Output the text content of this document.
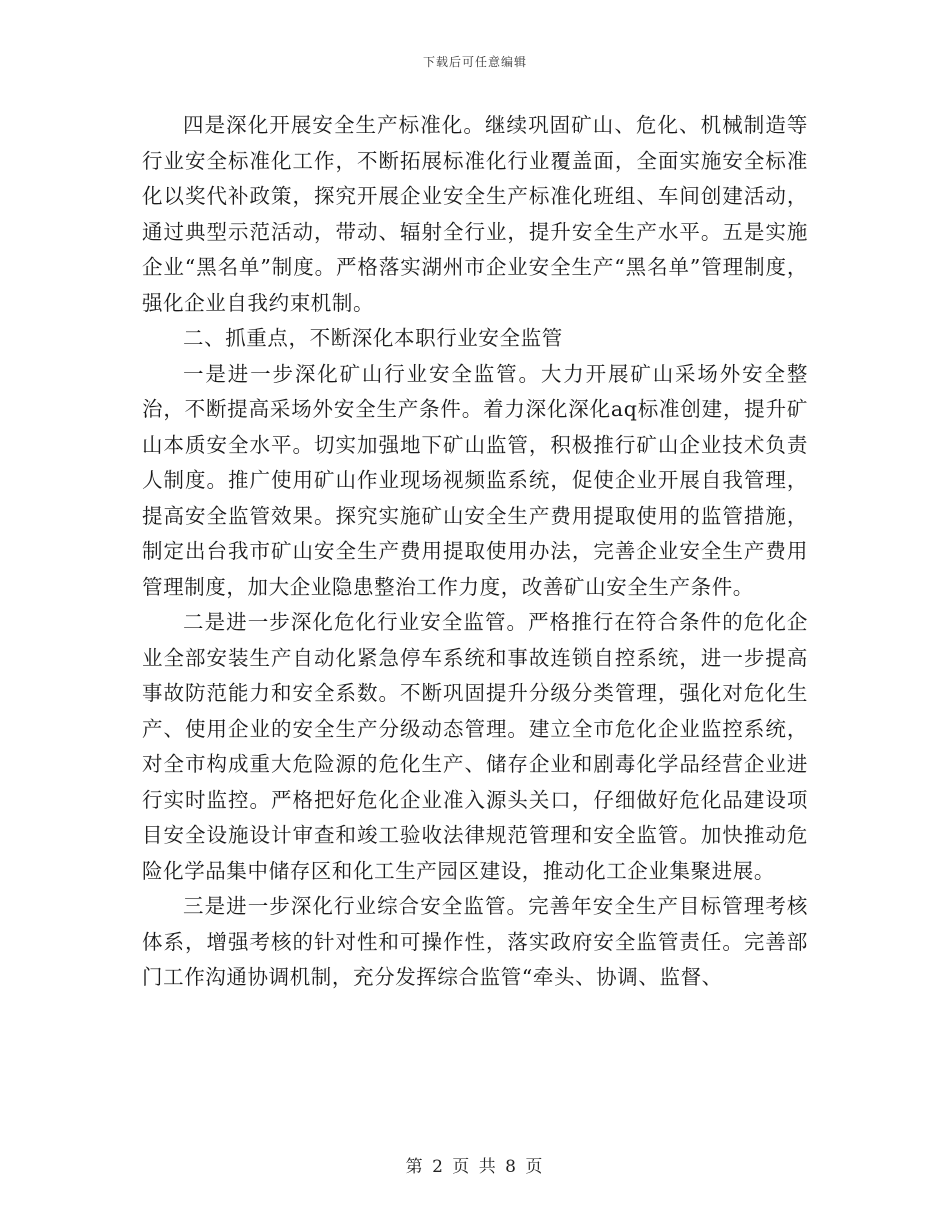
下载后可任意编辑

四是深化开展安全生产标准化。继续巩固矿山、危化、机械制造等行业安全标准化工作，不断拓展标准化行业覆盖面，全面实施安全标准化以奖代补政策，探究开展企业安全生产标准化班组、车间创建活动，通过典型示范活动，带动、辐射全行业，提升安全生产水平。五是实施企业“黑名单”制度。严格落实湖州市企业安全生产“黑名单”管理制度，强化企业自我约束机制。

二、抓重点，不断深化本职行业安全监管

一是进一步深化矿山行业安全监管。大力开展矿山采场外安全整治，不断提高采场外安全生产条件。着力深化深化aq标准创建，提升矿山本质安全水平。切实加强地下矿山监管，积极推行矿山企业技术负责人制度。推广使用矿山作业现场视频监系统，促使企业开展自我管理，提高安全监管效果。探究实施矿山安全生产费用提取使用的监管措施，制定出台我市矿山安全生产费用提取使用办法，完善企业安全生产费用管理制度，加大企业隐患整治工作力度，改善矿山安全生产条件。

二是进一步深化危化行业安全监管。严格推行在符合条件的危化企业全部安装生产自动化紧急停车系统和事故连锁自控系统，进一步提高事故防范能力和安全系数。不断巩固提升分级分类管理，强化对危化生产、使用企业的安全生产分级动态管理。建立全市危化企业监控系统，对全市构成重大危险源的危化生产、储存企业和剧毒化学品经营企业进行实时监控。严格把好危化企业准入源头关口，仔细做好危化品建设项目安全设施设计审查和竣工验收法律规范管理和安全监管。加快推动危险化学品集中储存区和化工生产园区建设，推动化工企业集聚进展。

三是进一步深化行业综合安全监管。完善年安全生产目标管理考核体系，增强考核的针对性和可操作性，落实政府安全监管责任。完善部门工作沟通协调机制，充分发挥综合监管“牵头、协调、监督、

第 2 页 共 8 页
